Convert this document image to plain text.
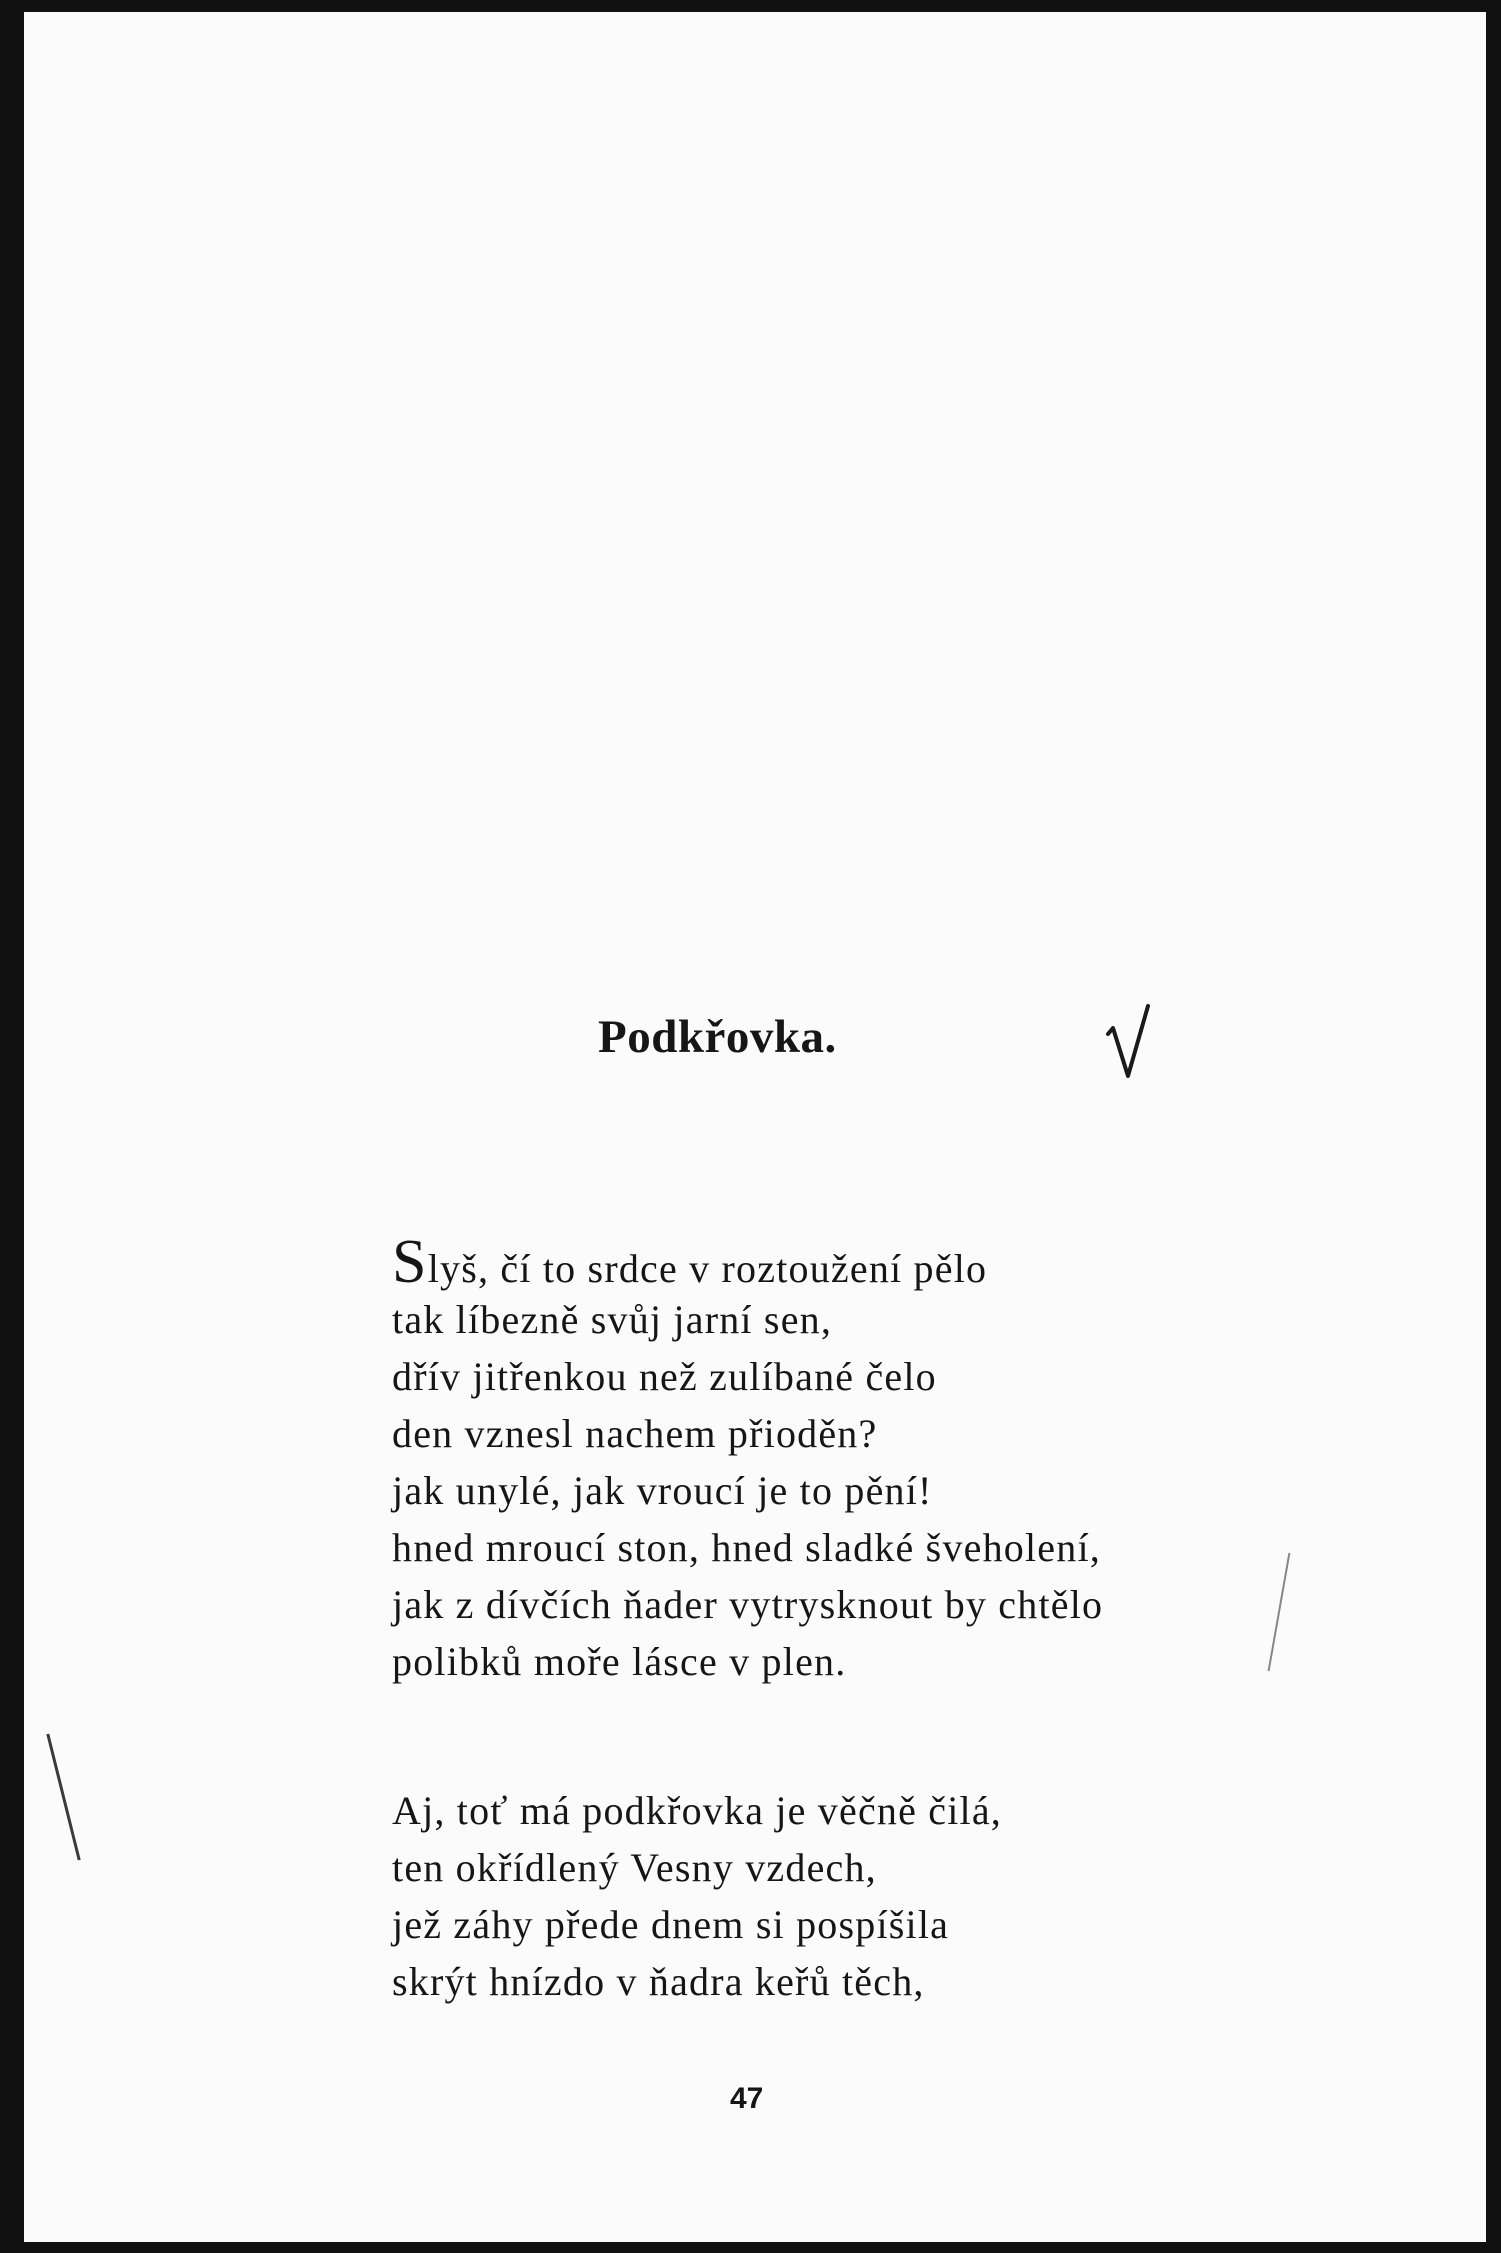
Podkřovka.
Slyš, čí to srdce v roztoužení pělo
tak líbezně svůj jarní sen,
dřív jitřenkou než zulíbané čelo
den vznesl nachem přioděn?
jak unylé, jak vroucí je to pění!
hned mroucí ston, hned sladké šveholení,
jak z dívčích ňader vytrysknout by chtělo
polibků moře lásce v plen.
Aj, toť má podkřovka je věčně čilá,
ten okřídlený Vesny vzdech,
jež záhy přede dnem si pospíšila
skrýt hnízdo v ňadra keřů těch,
47
